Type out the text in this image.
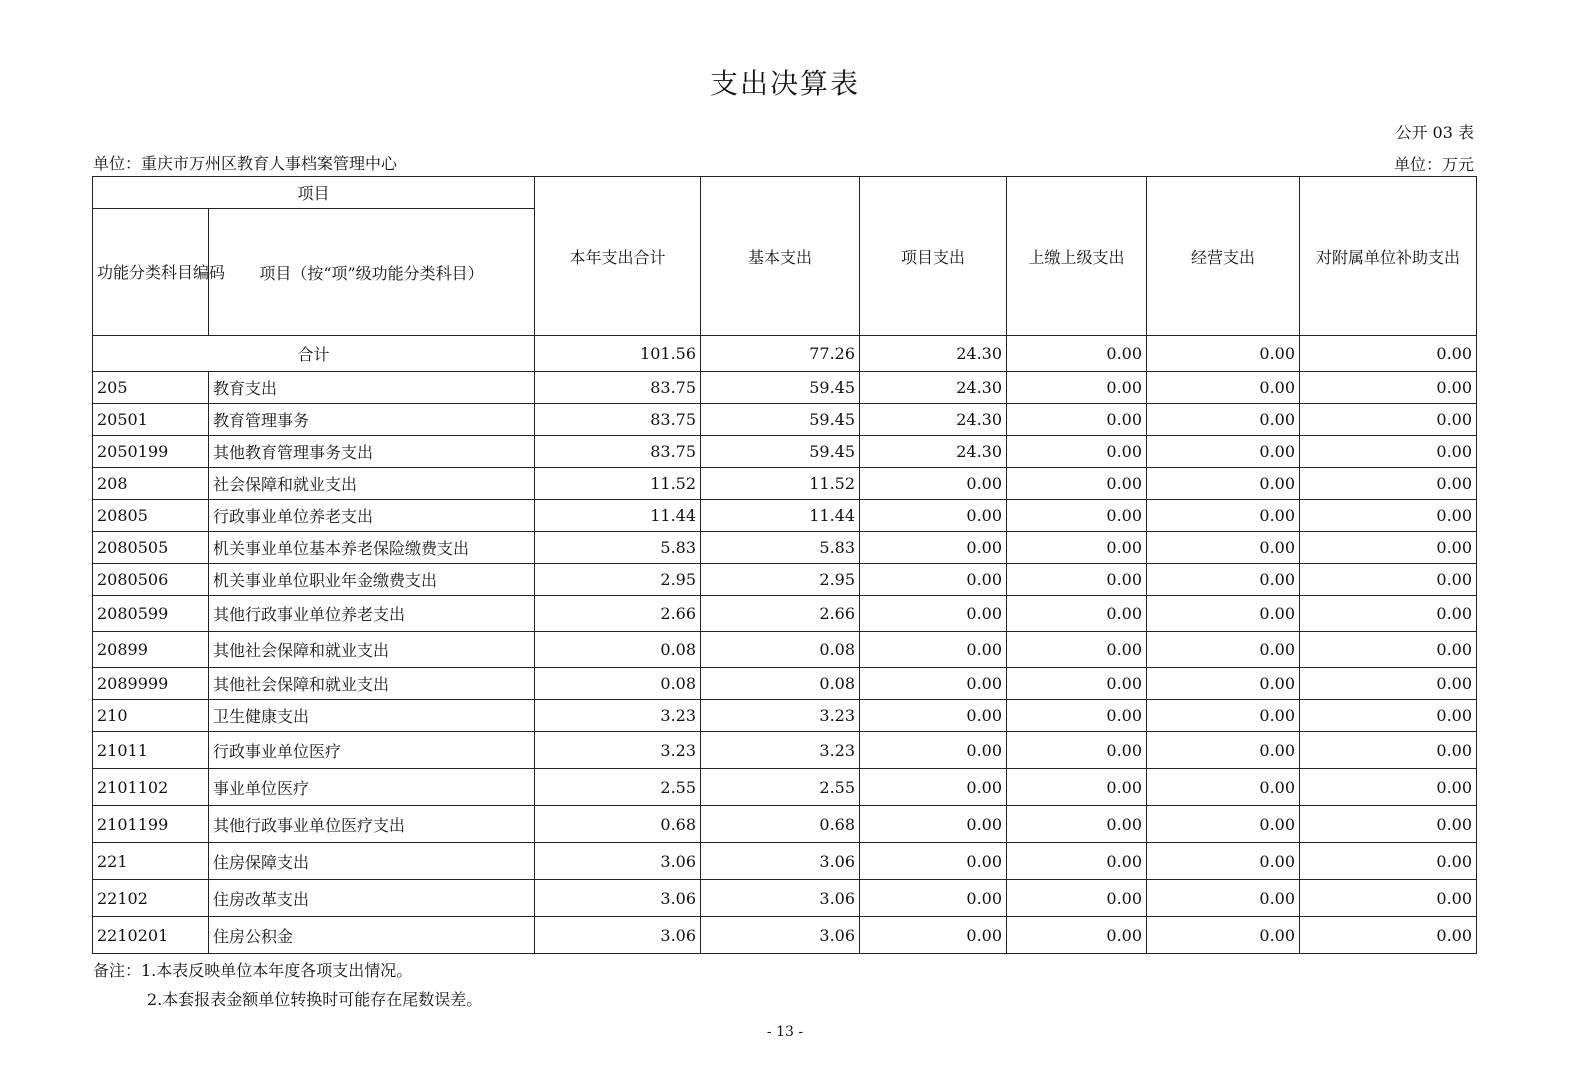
支出决算表
公开 03 表
单位：重庆市万州区教育人事档案管理中心	单位：万元
项目		本年支出合计	基本支出	项目支出	上缴上级支出	经营支出	对附属单位补助支出
功能分类科目编码	项目（按“项”级功能分类科目）						
合计		101.56	77.26	24.30	0.00	0.00	0.00
205	教育支出	83.75	59.45	24.30	0.00	0.00	0.00
20501	教育管理事务	83.75	59.45	24.30	0.00	0.00	0.00
2050199	其他教育管理事务支出	83.75	59.45	24.30	0.00	0.00	0.00
208	社会保障和就业支出	11.52	11.52	0.00	0.00	0.00	0.00
20805	行政事业单位养老支出	11.44	11.44	0.00	0.00	0.00	0.00
2080505	机关事业单位基本养老保险缴费支出	5.83	5.83	0.00	0.00	0.00	0.00
2080506	机关事业单位职业年金缴费支出	2.95	2.95	0.00	0.00	0.00	0.00
2080599	其他行政事业单位养老支出	2.66	2.66	0.00	0.00	0.00	0.00
20899	其他社会保障和就业支出	0.08	0.08	0.00	0.00	0.00	0.00
2089999	其他社会保障和就业支出	0.08	0.08	0.00	0.00	0.00	0.00
210	卫生健康支出	3.23	3.23	0.00	0.00	0.00	0.00
21011	行政事业单位医疗	3.23	3.23	0.00	0.00	0.00	0.00
2101102	事业单位医疗	2.55	2.55	0.00	0.00	0.00	0.00
2101199	其他行政事业单位医疗支出	0.68	0.68	0.00	0.00	0.00	0.00
221	住房保障支出	3.06	3.06	0.00	0.00	0.00	0.00
22102	住房改革支出	3.06	3.06	0.00	0.00	0.00	0.00
2210201	住房公积金	3.06	3.06	0.00	0.00	0.00	0.00
备注：1.本表反映单位本年度各项支出情况。
2.本套报表金额单位转换时可能存在尾数误差。
- 13 -
